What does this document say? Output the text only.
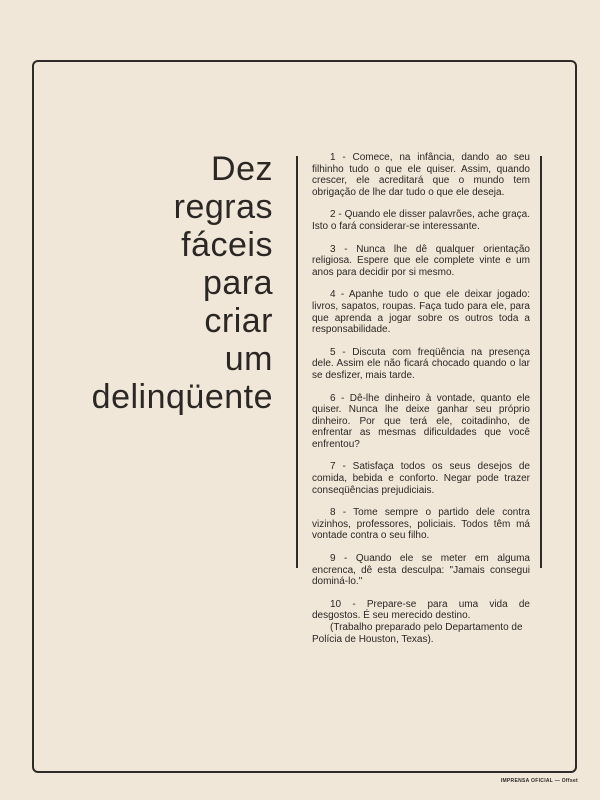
Dez
regras
fáceis
para
criar
um
delinqüente

1 - Comece, na infância, dando ao seu filhinho tudo o que ele quiser. Assim, quando crescer, ele acreditará que o mundo tem obrigação de lhe dar tudo o que ele deseja.

2 - Quando ele disser palavrões, ache graça. Isto o fará considerar-se interessante.

3 - Nunca lhe dê qualquer orientação religiosa. Espere que ele complete vinte e um anos para decidir por si mesmo.

4 - Apanhe tudo o que ele deixar jogado: livros, sapatos, roupas. Faça tudo para ele, para que aprenda a jogar sobre os outros toda a responsabilidade.

5 - Discuta com freqüência na presença dele. Assim ele não ficará chocado quando o lar se desfizer, mais tarde.

6 - Dê-lhe dinheiro à vontade, quanto ele quiser. Nunca lhe deixe ganhar seu próprio dinheiro. Por que terá ele, coitadinho, de enfrentar as mesmas dificuldades que você enfrentou?

7 - Satisfaça todos os seus desejos de comida, bebida e conforto. Negar pode trazer conseqüências prejudiciais.

8 - Tome sempre o partido dele contra vizinhos, professores, policiais. Todos têm má vontade contra o seu filho.

9 - Quando ele se meter em alguma encrenca, dê esta desculpa: "Jamais consegui dominá-lo."

10 - Prepare-se para uma vida de desgostos. É seu merecido destino.

(Trabalho preparado pelo Departamento de Polícia de Houston, Texas).

IMPRENSA OFICIAL — Offset
